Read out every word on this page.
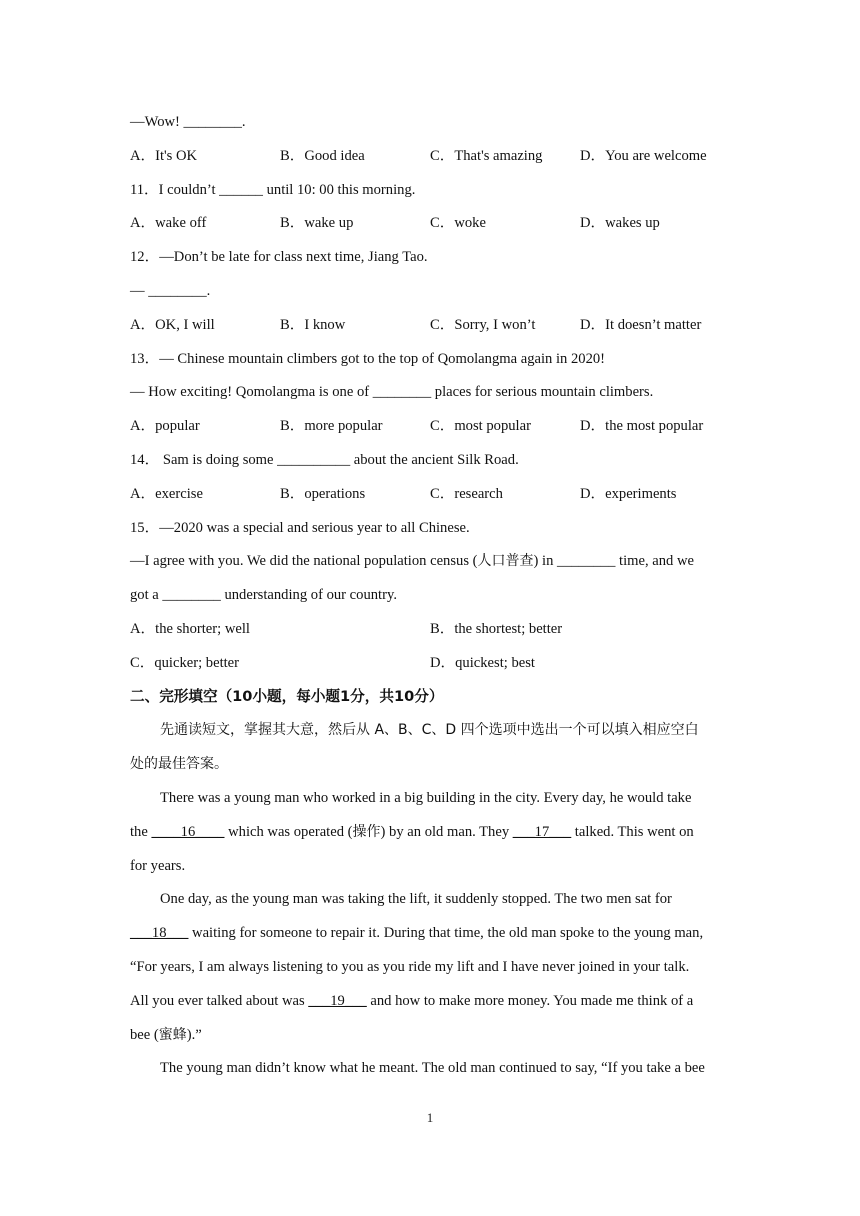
—Wow! ________.
A．It's OK	B．Good idea	C．That's amazing	D．You are welcome
11．I couldn’t ______ until 10: 00 this morning.
A．wake off	B．wake up	C．woke	D．wakes up
12．—Don’t be late for class next time, Jiang Tao.
— ________.
A．OK, I will	B．I know	C．Sorry, I won’t	D．It doesn’t matter
13．— Chinese mountain climbers got to the top of Qomolangma again in 2020!
— How exciting! Qomolangma is one of ________ places for serious mountain climbers.
A．popular	B．more popular	C．most popular	D．the most popular
14． Sam is doing some __________ about the ancient Silk Road.
A．exercise	B．operations	C．research	D．experiments
15．—2020 was a special and serious year to all Chinese.
—I agree with you. We did the national population census (人口普查) in ________ time, and we
got a ________ understanding of our country.
A．the shorter; well	B．the shortest; better
C．quicker; better	D．quickest; best
二、完形填空（10小题，每小题1分，共10分）
先通读短文，掌握其大意，然后从 A、B、C、D 四个选项中选出一个可以填入相应空白
处的最佳答案。
There was a young man who worked in a big building in the city. Every day, he would take
the ____16____ which was operated (操作) by an old man. They ___17___ talked. This went on
for years.
One day, as the young man was taking the lift, it suddenly stopped. The two men sat for
___18___ waiting for someone to repair it. During that time, the old man spoke to the young man,
“For years, I am always listening to you as you ride my lift and I have never joined in your talk.
All you ever talked about was ___19___ and how to make more money. You made me think of a
bee (蜜蜂).”
The young man didn’t know what he meant. The old man continued to say, “If you take a bee
1
